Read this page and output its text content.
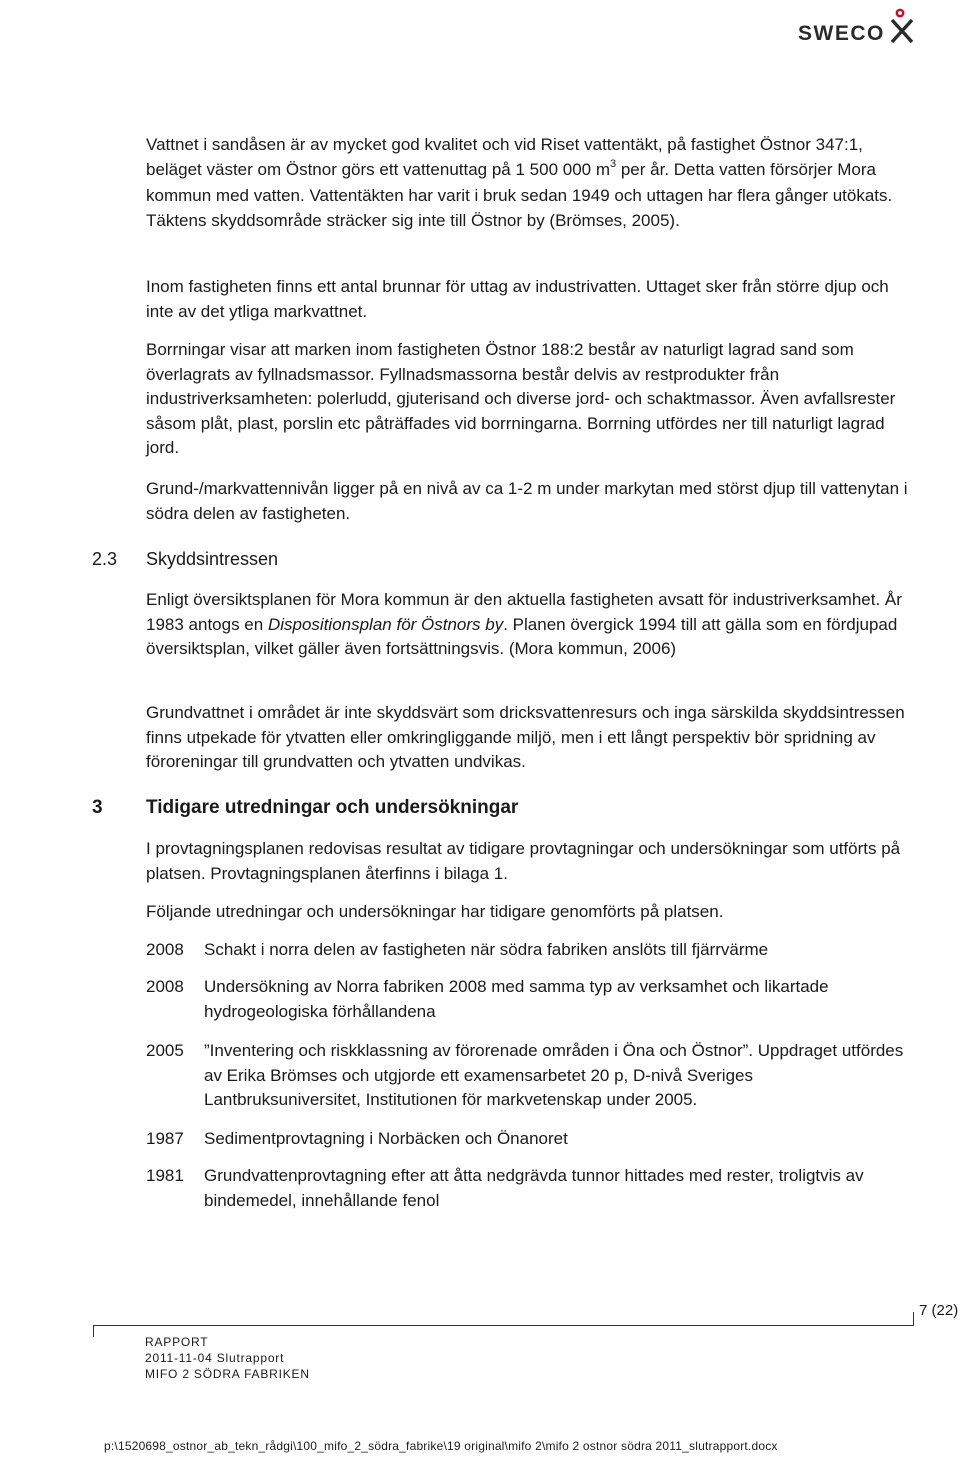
SWECO

Vattnet i sandåsen är av mycket god kvalitet och vid Riset vattentäkt, på fastighet Östnor 347:1, beläget väster om Östnor görs ett vattenuttag på 1 500 000 $m^3$ per år. Detta vatten försörjer Mora kommun med vatten. Vattentäkten har varit i bruk sedan 1949 och uttagen har flera gånger utökats. Täktens skyddsområde sträcker sig inte till Östnor by (Brömses, 2005).

Inom fastigheten finns ett antal brunnar för uttag av industrivatten. Uttaget sker från större djup och inte av det ytliga markvattnet.

Borrningar visar att marken inom fastigheten Östnor 188:2 består av naturligt lagrad sand som överlagrats av fyllnadsmassor. Fyllnadsmassorna består delvis av restprodukter från industriverksamheten: polerludd, gjuterisand och diverse jord- och schaktmassor. Även avfallsrester såsom plåt, plast, porslin etc påträffades vid borrningarna. Borrning utfördes ner till naturligt lagrad jord.

Grund-/markvattennivån ligger på en nivå av ca 1-2 m under markytan med störst djup till vattenytan i södra delen av fastigheten.

2.3 Skyddsintressen

Enligt översiktsplanen för Mora kommun är den aktuella fastigheten avsatt för industriverksamhet. År 1983 antogs en Dispositionsplan för Östnors by. Planen övergick 1994 till att gälla som en fördjupad översiktsplan, vilket gäller även fortsättningsvis. (Mora kommun, 2006)

Grundvattnet i området är inte skyddsvärt som dricksvattenresurs och inga särskilda skyddsintressen finns utpekade för ytvatten eller omkringliggande miljö, men i ett långt perspektiv bör spridning av föroreningar till grundvatten och ytvatten undvikas.

3 Tidigare utredningar och undersökningar

I provtagningsplanen redovisas resultat av tidigare provtagningar och undersökningar som utförts på platsen. Provtagningsplanen återfinns i bilaga 1.

Följande utredningar och undersökningar har tidigare genomförts på platsen.

2008 Schakt i norra delen av fastigheten när södra fabriken anslöts till fjärrvärme
2008 Undersökning av Norra fabriken 2008 med samma typ av verksamhet och likartade hydrogeologiska förhållandena
2005 ”Inventering och riskklassning av förorenade områden i Öna och Östnor”. Uppdraget utfördes av Erika Brömses och utgjorde ett examensarbetet 20 p, D-nivå Sveriges Lantbruksuniversitet, Institutionen för markvetenskap under 2005.
1987 Sedimentprovtagning i Norbäcken och Önanoret
1981 Grundvattenprovtagning efter att åtta nedgrävda tunnor hittades med rester, troligtvis av bindemedel, innehållande fenol
7 (22)
RAPPORT
2011-11-04 Slutrapport
MIFO 2 SÖDRA FABRIKEN
p:\1520698_ostnor_ab_tekn_rådgi\100_mifo_2_södra_fabrike\19 original\mifo 2\mifo 2 ostnor södra 2011_slutrapport.docx
